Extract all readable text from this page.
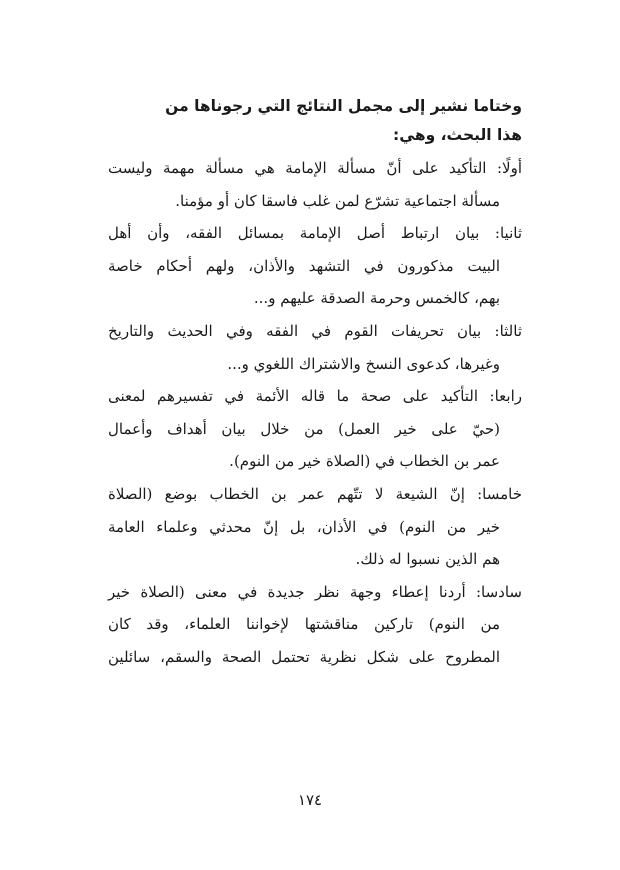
وختاما نشير إلى مجمل النتائج التي رجوناها من
هذا البحث، وهي:

أولًا: التأكيد على أنّ مسألة الإمامة هي مسألة مهمة وليست
مسألة اجتماعية تشرّع لمن غلب فاسقا كان أو مؤمنا.

ثانيا: بيان ارتباط أصل الإمامة بمسائل الفقه، وأن أهل
البيت مذكورون في التشهد والأذان، ولهم أحكام خاصة
بهم، كالخمس وحرمة الصدقة عليهم و...

ثالثا: بيان تحريفات القوم في الفقه وفي الحديث والتاريخ
وغيرها، كدعوى النسخ والاشتراك اللغوي و...

رابعا: التأكيد على صحة ما قاله الأئمة في تفسيرهم لمعنى
(حيّ على خير العمل) من خلال بيان أهداف وأعمال
عمر بن الخطاب في (الصلاة خير من النوم).

خامسا: إنّ الشيعة لا تتّهم عمر بن الخطاب بوضع (الصلاة
خير من النوم) في الأذان، بل إنّ محدثي وعلماء العامة
هم الذين نسبوا له ذلك.

سادسا: أردنا إعطاء وجهة نظر جديدة في معنى (الصلاة خير
من النوم) تاركين مناقشتها لإخواننا العلماء، وقد كان
المطروح على شكل نظرية تحتمل الصحة والسقم، سائلين

١٧٤
